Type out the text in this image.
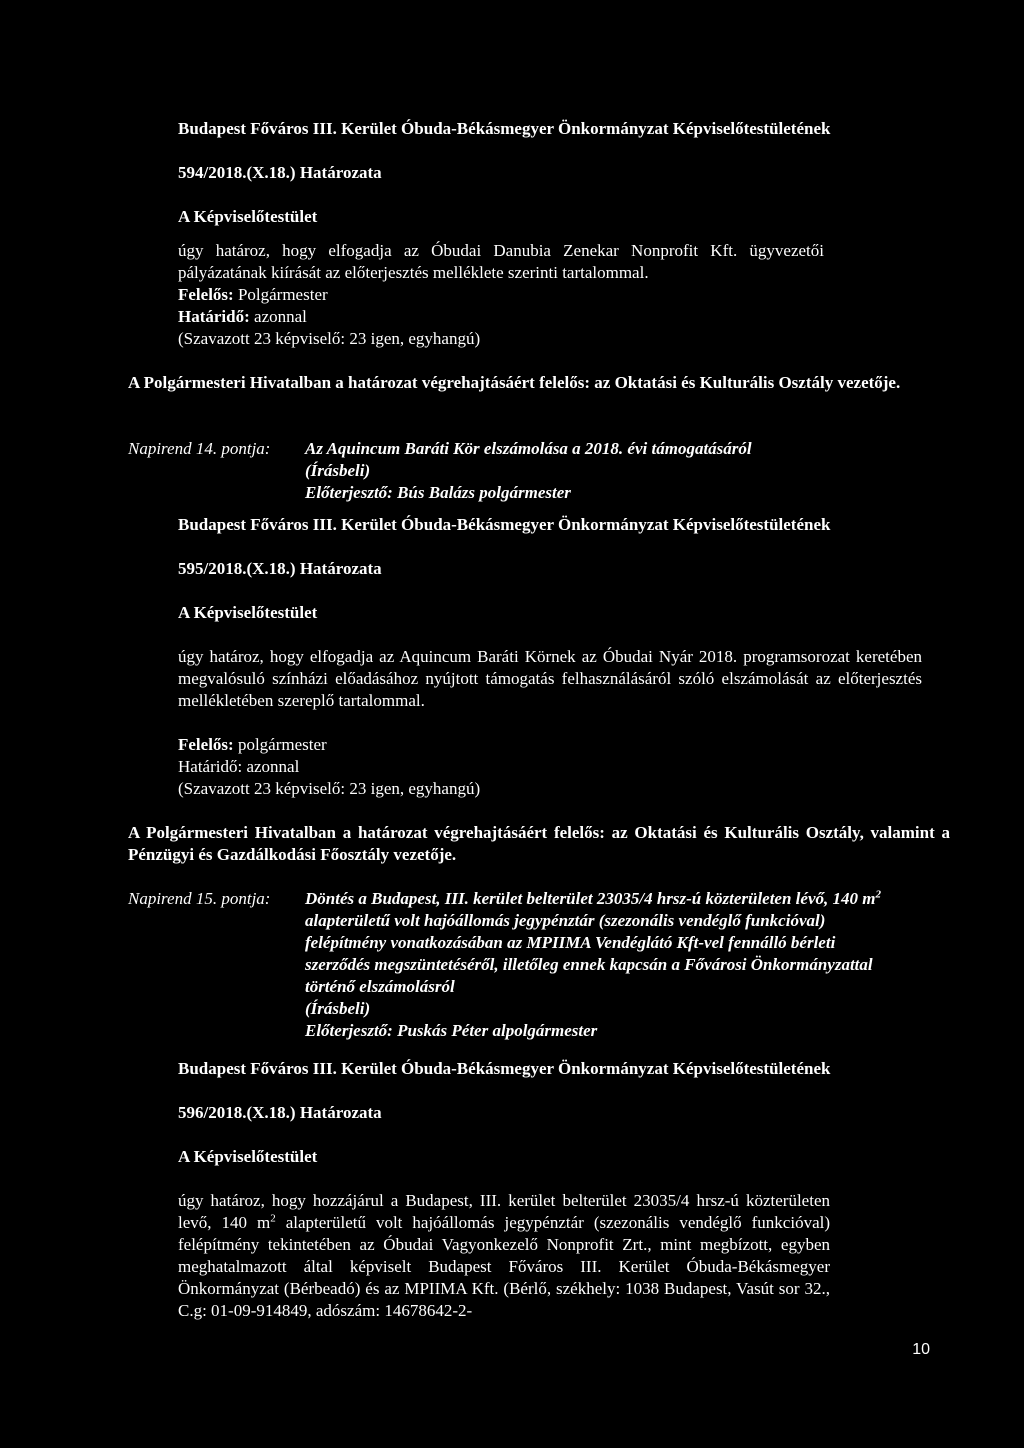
Budapest Főváros III. Kerület Óbuda-Békásmegyer Önkormányzat Képviselőtestületének

594/2018.(X.18.) Határozata

A Képviselőtestület

úgy határoz, hogy elfogadja az Óbudai Danubia Zenekar Nonprofit Kft. ügyvezetői pályázatának kiírását az előterjesztés melléklete szerinti tartalommal.

Felelős: Polgármester

Határidő: azonnal

(Szavazott 23 képviselő: 23 igen, egyhangú)

A Polgármesteri Hivatalban a határozat végrehajtásáért felelős: az Oktatási és Kulturális Osztály vezetője.

Napirend 14. pontja:	Az Aquincum Baráti Kör elszámolása a 2018. évi támogatásáról

(Írásbeli)

Előterjesztő: Bús Balázs polgármester

Budapest Főváros III. Kerület Óbuda-Békásmegyer Önkormányzat Képviselőtestületének

595/2018.(X.18.) Határozata

A Képviselőtestület

úgy határoz, hogy elfogadja az Aquincum Baráti Körnek az Óbudai Nyár 2018. programsorozat keretében megvalósuló színházi előadásához nyújtott támogatás felhasználásáról szóló elszámolását az előterjesztés mellékletében szereplő tartalommal.

Felelős: polgármester

Határidő: azonnal

(Szavazott 23 képviselő: 23 igen, egyhangú)

A Polgármesteri Hivatalban a határozat végrehajtásáért felelős: az Oktatási és Kulturális Osztály, valamint a Pénzügyi és Gazdálkodási Főosztály vezetője.

Napirend 15. pontja:	Döntés a Budapest, III. kerület belterület 23035/4 hrsz-ú közterületen lévő, 140 $m^2$

alapterületű volt hajóállomás jegypénztár (szezonális vendéglő funkcióval)

felépítmény vonatkozásában az MPIIMA Vendéglátó Kft-vel fennálló bérleti

szerződés megszüntetéséről, illetőleg ennek kapcsán a Fővárosi Önkormányzattal

történő elszámolásról

(Írásbeli)

Előterjesztő: Puskás Péter alpolgármester

Budapest Főváros III. Kerület Óbuda-Békásmegyer Önkormányzat Képviselőtestületének

596/2018.(X.18.) Határozata

A Képviselőtestület

úgy határoz, hogy hozzájárul a Budapest, III. kerület belterület 23035/4 hrsz-ú közterületen levő, 140 $m^2$ alapterületű volt hajóállomás jegypénztár (szezonális vendéglő funkcióval) felépítmény tekintetében az Óbudai Vagyonkezelő Nonprofit Zrt., mint megbízott, egyben meghatalmazott által képviselt Budapest Főváros III. Kerület Óbuda-Békásmegyer Önkormányzat (Bérbeadó) és az MPIIMA Kft. (Bérlő, székhely: 1038 Budapest, Vasút sor 32., C.g: 01-09-914849, adószám: 14678642-2-

10
